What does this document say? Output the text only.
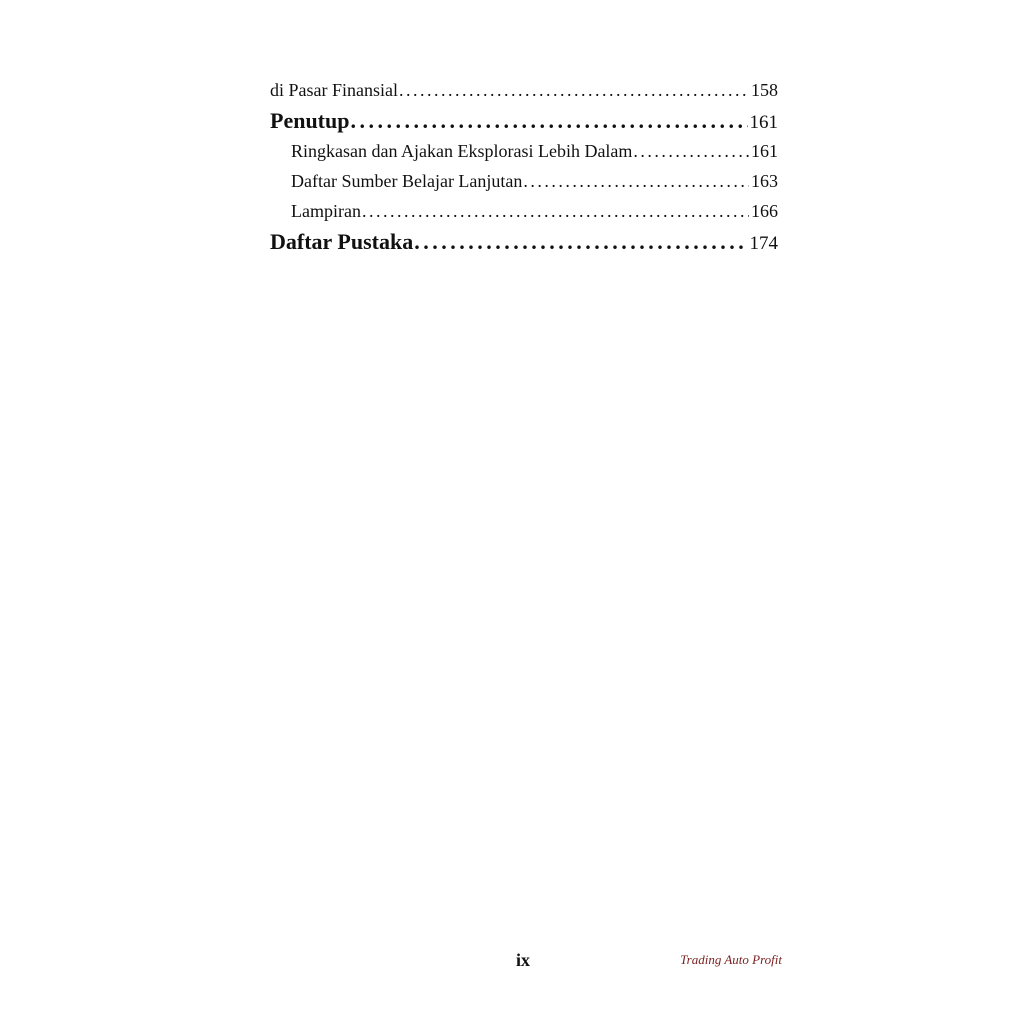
di Pasar Finansial . . .	158
Penutup . . .	161
Ringkasan dan Ajakan Eksplorasi Lebih Dalam . . .	161
Daftar Sumber Belajar Lanjutan . . .	163
Lampiran . . .	166
Daftar Pustaka . . .	174
ix	Trading Auto Profit
